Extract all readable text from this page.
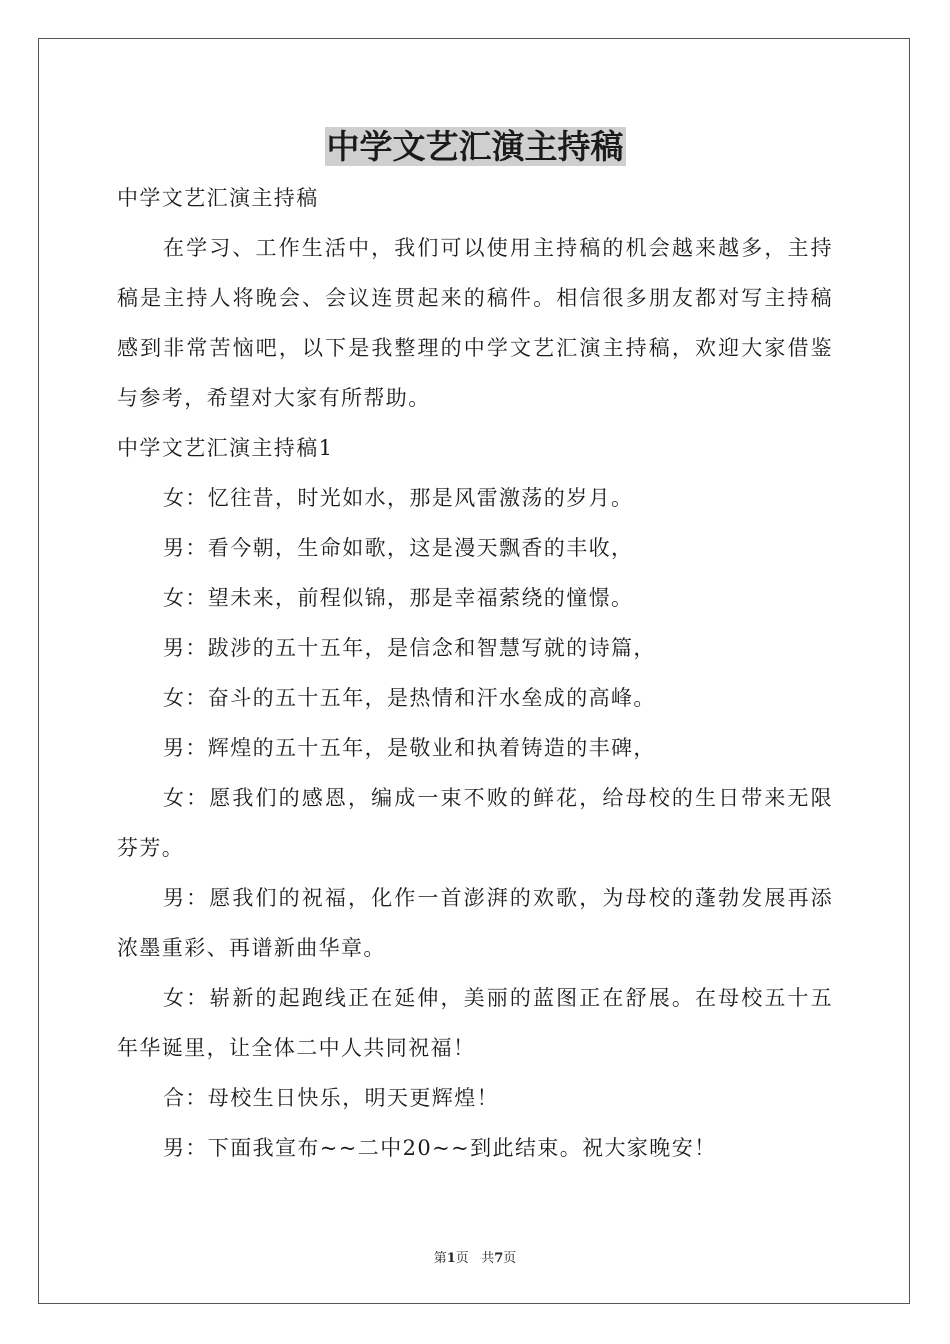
中学文艺汇演主持稿

中学文艺汇演主持稿

在学习、工作生活中，我们可以使用主持稿的机会越来越多，主持稿是主持人将晚会、会议连贯起来的稿件。相信很多朋友都对写主持稿感到非常苦恼吧，以下是我整理的中学文艺汇演主持稿，欢迎大家借鉴与参考，希望对大家有所帮助。

中学文艺汇演主持稿1

女：忆往昔，时光如水，那是风雷激荡的岁月。

男：看今朝，生命如歌，这是漫天飘香的丰收，

女：望未来，前程似锦，那是幸福萦绕的憧憬。

男：跋涉的五十五年，是信念和智慧写就的诗篇，

女：奋斗的五十五年，是热情和汗水垒成的高峰。

男：辉煌的五十五年，是敬业和执着铸造的丰碑，

女：愿我们的感恩，编成一束不败的鲜花，给母校的生日带来无限芬芳。

男：愿我们的祝福，化作一首澎湃的欢歌，为母校的蓬勃发展再添浓墨重彩、再谱新曲华章。

女：崭新的起跑线正在延伸，美丽的蓝图正在舒展。在母校五十五年华诞里，让全体二中人共同祝福！

合：母校生日快乐，明天更辉煌！

男：下面我宣布~~二中20~~到此结束。祝大家晚安！

第1页 共7页
